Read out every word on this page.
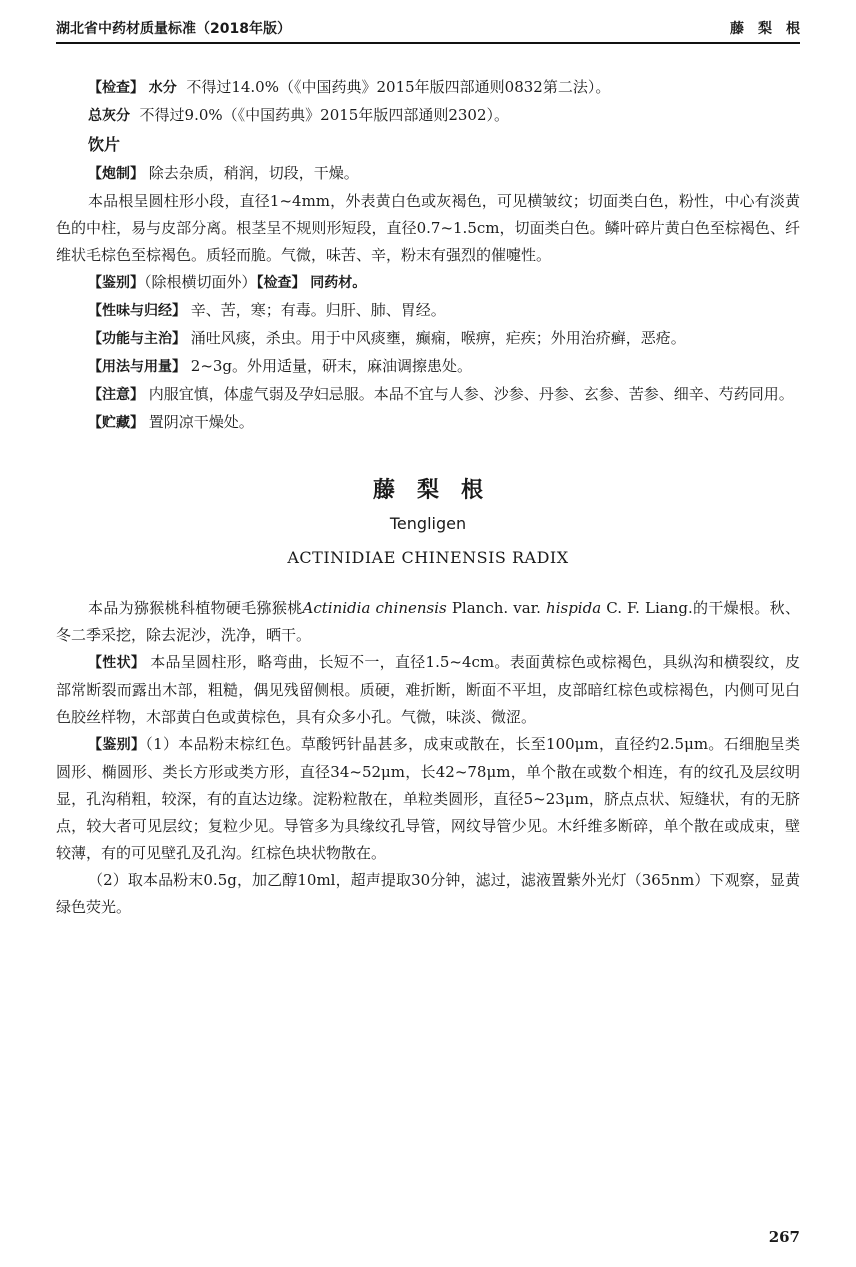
湖北省中药材质量标准（2018年版）	藤梨根

【检查】 水分 不得过14.0%（《中国药典》2015年版四部通则0832第二法）。

总灰分 不得过9.0%（《中国药典》2015年版四部通则2302）。

饮片

【炮制】 除去杂质，稍润，切段，干燥。

本品根呈圆柱形小段，直径1~4mm，外表黄白色或灰褐色，可见横皱纹；切面类白色，粉性，中心有淡黄色的中柱，易与皮部分离。根茎呈不规则形短段，直径0.7~1.5cm，切面类白色。鳞叶碎片黄白色至棕褐色、纤维状毛棕色至棕褐色。质轻而脆。气微，味苦、辛，粉末有强烈的催嚏性。

【鉴别】（除根横切面外）【检查】 同药材。

【性味与归经】 辛、苦，寒；有毒。归肝、肺、胃经。

【功能与主治】 涌吐风痰，杀虫。用于中风痰壅，癫痫，喉痹，疟疾；外用治疥癣，恶疮。

【用法与用量】 2~3g。外用适量，研末，麻油调擦患处。

【注意】 内服宜慎，体虚气弱及孕妇忌服。本品不宜与人参、沙参、丹参、玄参、苦参、细辛、芍药同用。

【贮藏】 置阴凉干燥处。

藤梨根
Tengligen
ACTINIDIAE CHINENSIS RADIX

本品为猕猴桃科植物硬毛猕猴桃Actinidia chinensis Planch. var. hispida C. F. Liang.的干燥根。秋、冬二季采挖，除去泥沙，洗净，晒干。

【性状】 本品呈圆柱形，略弯曲，长短不一，直径1.5~4cm。表面黄棕色或棕褐色，具纵沟和横裂纹，皮部常断裂而露出木部，粗糙，偶见残留侧根。质硬，难折断，断面不平坦，皮部暗红棕色或棕褐色，内侧可见白色胶丝样物，木部黄白色或黄棕色，具有众多小孔。气微，味淡、微涩。

【鉴别】（1）本品粉末棕红色。草酸钙针晶甚多，成束或散在，长至100μm，直径约2.5μm。石细胞呈类圆形、椭圆形、类长方形或类方形，直径34~52μm，长42~78μm，单个散在或数个相连，有的纹孔及层纹明显，孔沟稍粗，较深，有的直达边缘。淀粉粒散在，单粒类圆形，直径5~23μm，脐点点状、短缝状，有的无脐点，较大者可见层纹；复粒少见。导管多为具缘纹孔导管，网纹导管少见。木纤维多断碎，单个散在或成束，壁较薄，有的可见壁孔及孔沟。红棕色块状物散在。

（2）取本品粉末0.5g，加乙醇10ml，超声提取30分钟，滤过，滤液置紫外光灯（365nm）下观察，显黄绿色荧光。

267
